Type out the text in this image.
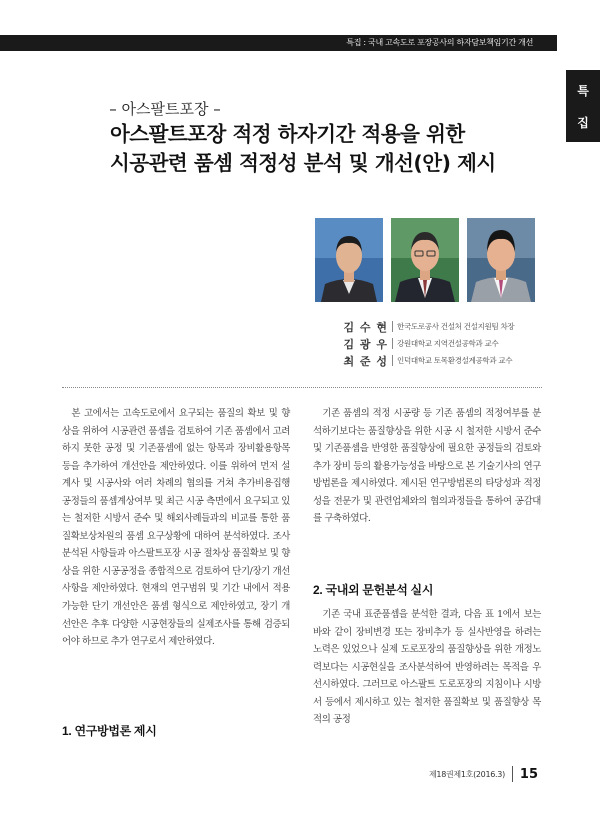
특집 : 국내 고속도로 포장공사의 하자담보책임기간 개선
특
집
– 아스팔트포장 –
아스팔트포장 적정 하자기간 적용을 위한
시공관련 품셈 적정성 분석 및 개선(안) 제시
김 수 현	한국도로공사 건설처 건설지원팀 차장
김 광 우	강원대학교 지역건설공학과 교수
최 준 성	인덕대학교 토목환경설계공학과 교수

본 고에서는 고속도로에서 요구되는 품질의 확보 및 향상을 위하여 시공관련 품셈을 검토하여 기존 품셈에서 고려하지 못한 공정 및 기존품셈에 없는 항목과 장비활용항목 등을 추가하여 개선안을 제안하였다. 이를 위하여 먼저 설계사 및 시공사와 여러 차례의 협의를 거쳐 추가비용집행 공정들의 품셈계상여부 및 최근 시공 측면에서 요구되고 있는 철저한 시방서 준수 및 해외사례들과의 비교를 통한 품질확보상차원의 품셈 요구상황에 대하여 분석하였다. 조사 분석된 사항들과 아스팔트포장 시공 절차상 품질확보 및 향상을 위한 시공공정을 종합적으로 검토하여 단기/장기 개선사항을 제안하였다. 현재의 연구범위 및 기간 내에서 적용 가능한 단기 개선안은 품셈 형식으로 제안하였고, 장기 개선안은 추후 다양한 시공현장들의 실제조사를 통해 검증되어야 하므로 추가 연구로서 제안하였다.

1. 연구방법론 제시

기존 품셈의 적정 시공량 등 기존 품셈의 적정여부를 분석하기보다는 품질향상을 위한 시공 시 철저한 시방서 준수 및 기존품셈을 반영한 품질향상에 필요한 공정들의 검토와 추가 장비 등의 활용가능성을 바탕으로 본 기술기사의 연구방법론을 제시하였다. 제시된 연구방법론의 타당성과 적정성을 전문가 및 관련업체와의 협의과정들을 통하여 공감대를 구축하였다.

2. 국내외 문헌분석 실시

기존 국내 표준품셈을 분석한 결과, 다음 표 1에서 보는 바와 같이 장비변경 또는 장비추가 등 실사반영을 하려는 노력은 있었으나 실제 도로포장의 품질향상을 위한 개정노력보다는 시공현실을 조사분석하여 반영하려는 목적을 우선시하였다. 그러므로 아스팔트 도로포장의 지침이나 시방서 등에서 제시하고 있는 철저한 품질확보 및 품질향상 목적의 공정

제18권제1호(2016.3) 15
